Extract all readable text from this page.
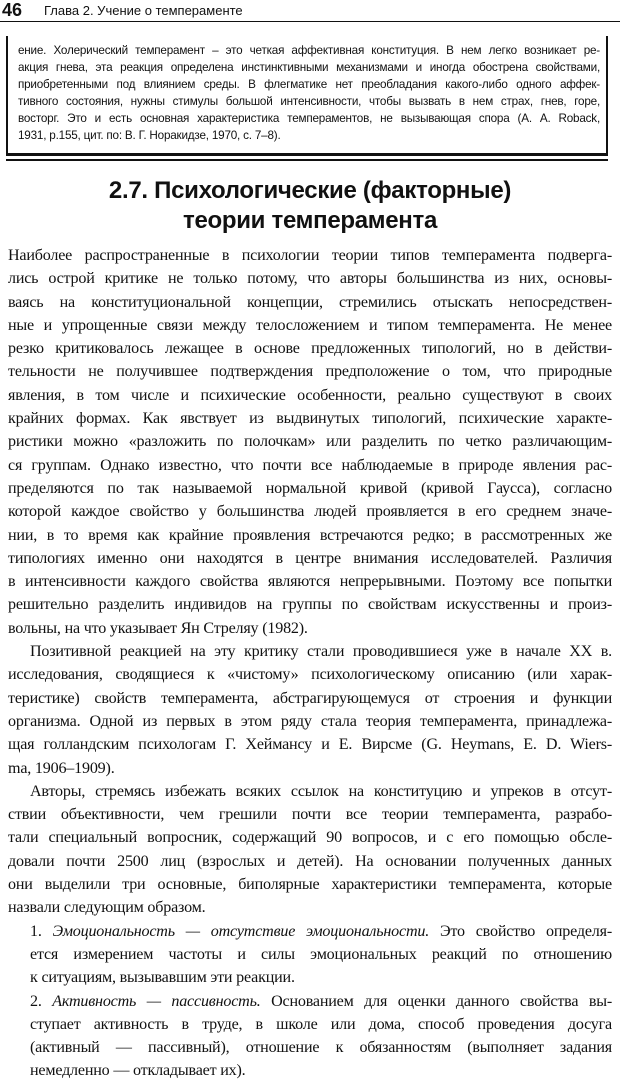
46 Глава 2. Учение о темпераменте
ение. Холерический темперамент – это четкая аффективная конституция. В нем легко возникает ре-
акция гнева, эта реакция определена инстинктивными механизмами и иногда обострена свойствами,
приобретенными под влиянием среды. В флегматике нет преобладания какого-либо одного аффек-
тивного состояния, нужны стимулы большой интенсивности, чтобы вызвать в нем страх, гнев, горе,
восторг. Это и есть основная характеристика темпераментов, не вызывающая спора (А. А. Roback,
1931, р.155, цит. по: В. Г. Норакидзе, 1970, с. 7–8).
2.7. Психологические (факторные)
теории темперамента
Наиболее распространенные в психологии теории типов темперамента подверга-
лись острой критике не только потому, что авторы большинства из них, основы-
ваясь на конституциональной концепции, стремились отыскать непосредствен-
ные и упрощенные связи между телосложением и типом темперамента. Не менее
резко критиковалось лежащее в основе предложенных типологий, но в действи-
тельности не получившее подтверждения предположение о том, что природные
явления, в том числе и психические особенности, реально существуют в своих
крайних формах. Как явствует из выдвинутых типологий, психические характе-
ристики можно «разложить по полочкам» или разделить по четко различающим-
ся группам. Однако известно, что почти все наблюдаемые в природе явления рас-
пределяются по так называемой нормальной кривой (кривой Гаусса), согласно
которой каждое свойство у большинства людей проявляется в его среднем значе-
нии, в то время как крайние проявления встречаются редко; в рассмотренных же
типологиях именно они находятся в центре внимания исследователей. Различия
в интенсивности каждого свойства являются непрерывными. Поэтому все попытки
решительно разделить индивидов на группы по свойствам искусственны и произ-
вольны, на что указывает Ян Стреляу (1982).
Позитивной реакцией на эту критику стали проводившиеся уже в начале XX в.
исследования, сводящиеся к «чистому» психологическому описанию (или харак-
теристике) свойств темперамента, абстрагирующемуся от строения и функции
организма. Одной из первых в этом ряду стала теория темперамента, принадлежа-
щая голландским психологам Г. Хеймансу и Е. Вирсме (G. Heymans, E. D. Wiers-
ma, 1906–1909).
Авторы, стремясь избежать всяких ссылок на конституцию и упреков в отсут-
ствии объективности, чем грешили почти все теории темперамента, разрабо-
тали специальный вопросник, содержащий 90 вопросов, и с его помощью обсле-
довали почти 2500 лиц (взрослых и детей). На основании полученных данных
они выделили три основные, биполярные характеристики темперамента, которые
назвали следующим образом.
1. Эмоциональность — отсутствие эмоциональности. Это свойство определя-
ется измерением частоты и силы эмоциональных реакций по отношению
к ситуациям, вызывавшим эти реакции.
2. Активность — пассивность. Основанием для оценки данного свойства вы-
ступает активность в труде, в школе или дома, способ проведения досуга
(активный — пассивный), отношение к обязанностям (выполняет задания
немедленно — откладывает их).
